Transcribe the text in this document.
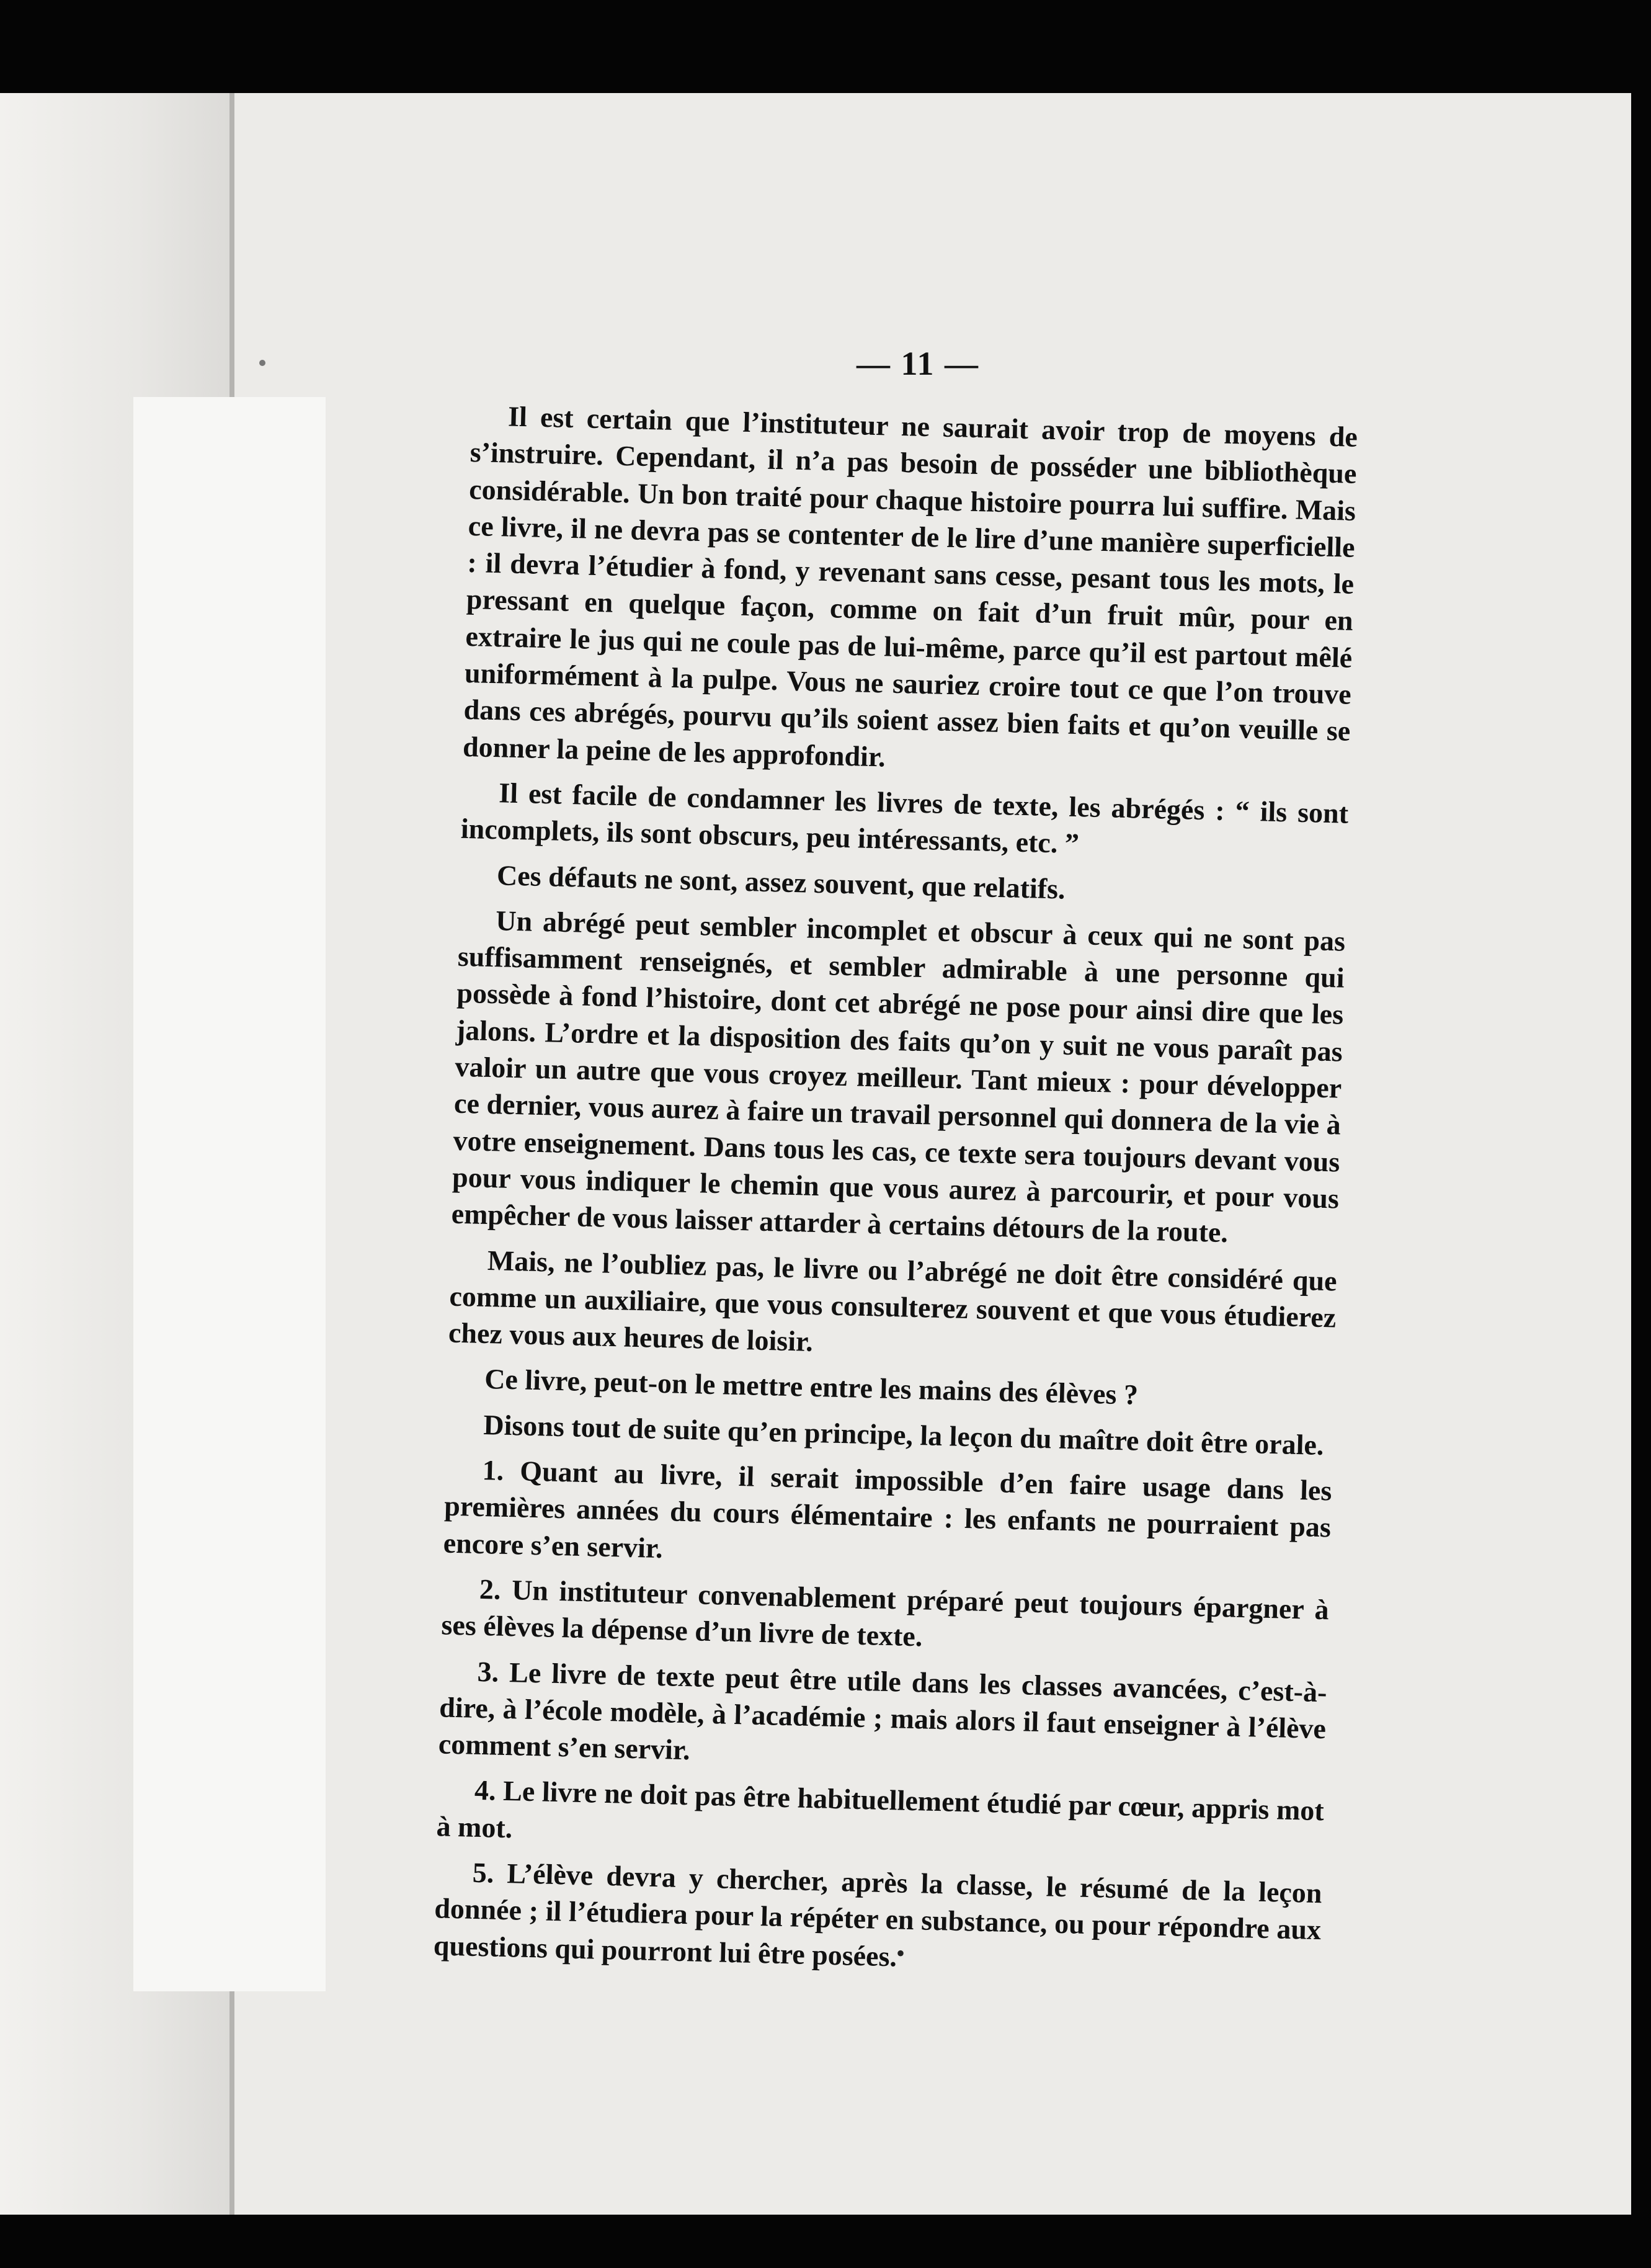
— 11 —

Il est certain que l’instituteur ne saurait avoir trop de moyens de s’instruire. Cependant, il n’a pas besoin de posséder une bibliothèque considérable. Un bon traité pour chaque histoire pourra lui suffire. Mais ce livre, il ne devra pas se contenter de le lire d’une manière superficielle : il devra l’étudier à fond, y revenant sans cesse, pesant tous les mots, le pressant en quelque façon, comme on fait d’un fruit mûr, pour en extraire le jus qui ne coule pas de lui-même, parce qu’il est partout mêlé uniformément à la pulpe. Vous ne sauriez croire tout ce que l’on trouve dans ces abrégés, pourvu qu’ils soient assez bien faits et qu’on veuille se donner la peine de les approfondir.

Il est facile de condamner les livres de texte, les abrégés : “ ils sont incomplets, ils sont obscurs, peu intéressants, etc. ”

Ces défauts ne sont, assez souvent, que relatifs.

Un abrégé peut sembler incomplet et obscur à ceux qui ne sont pas suffisamment renseignés, et sembler admirable à une personne qui possède à fond l’histoire, dont cet abrégé ne pose pour ainsi dire que les jalons. L’ordre et la disposition des faits qu’on y suit ne vous paraît pas valoir un autre que vous croyez meilleur. Tant mieux : pour développer ce dernier, vous aurez à faire un travail personnel qui donnera de la vie à votre enseignement. Dans tous les cas, ce texte sera toujours devant vous pour vous indiquer le chemin que vous aurez à parcourir, et pour vous empêcher de vous laisser attarder à certains détours de la route.

Mais, ne l’oubliez pas, le livre ou l’abrégé ne doit être considéré que comme un auxiliaire, que vous consulterez souvent et que vous étudierez chez vous aux heures de loisir.

Ce livre, peut-on le mettre entre les mains des élèves ?

Disons tout de suite qu’en principe, la leçon du maître doit être orale.

1. Quant au livre, il serait impossible d’en faire usage dans les premières années du cours élémentaire : les enfants ne pourraient pas encore s’en servir.

2. Un instituteur convenablement préparé peut toujours épargner à ses élèves la dépense d’un livre de texte.

3. Le livre de texte peut être utile dans les classes avancées, c’est-à-dire, à l’école modèle, à l’académie ; mais alors il faut enseigner à l’élève comment s’en servir.

4. Le livre ne doit pas être habituellement étudié par cœur, appris mot à mot.

5. L’élève devra y chercher, après la classe, le résumé de la leçon donnée ; il l’étudiera pour la répéter en substance, ou pour répondre aux questions qui pourront lui être posées.

•
